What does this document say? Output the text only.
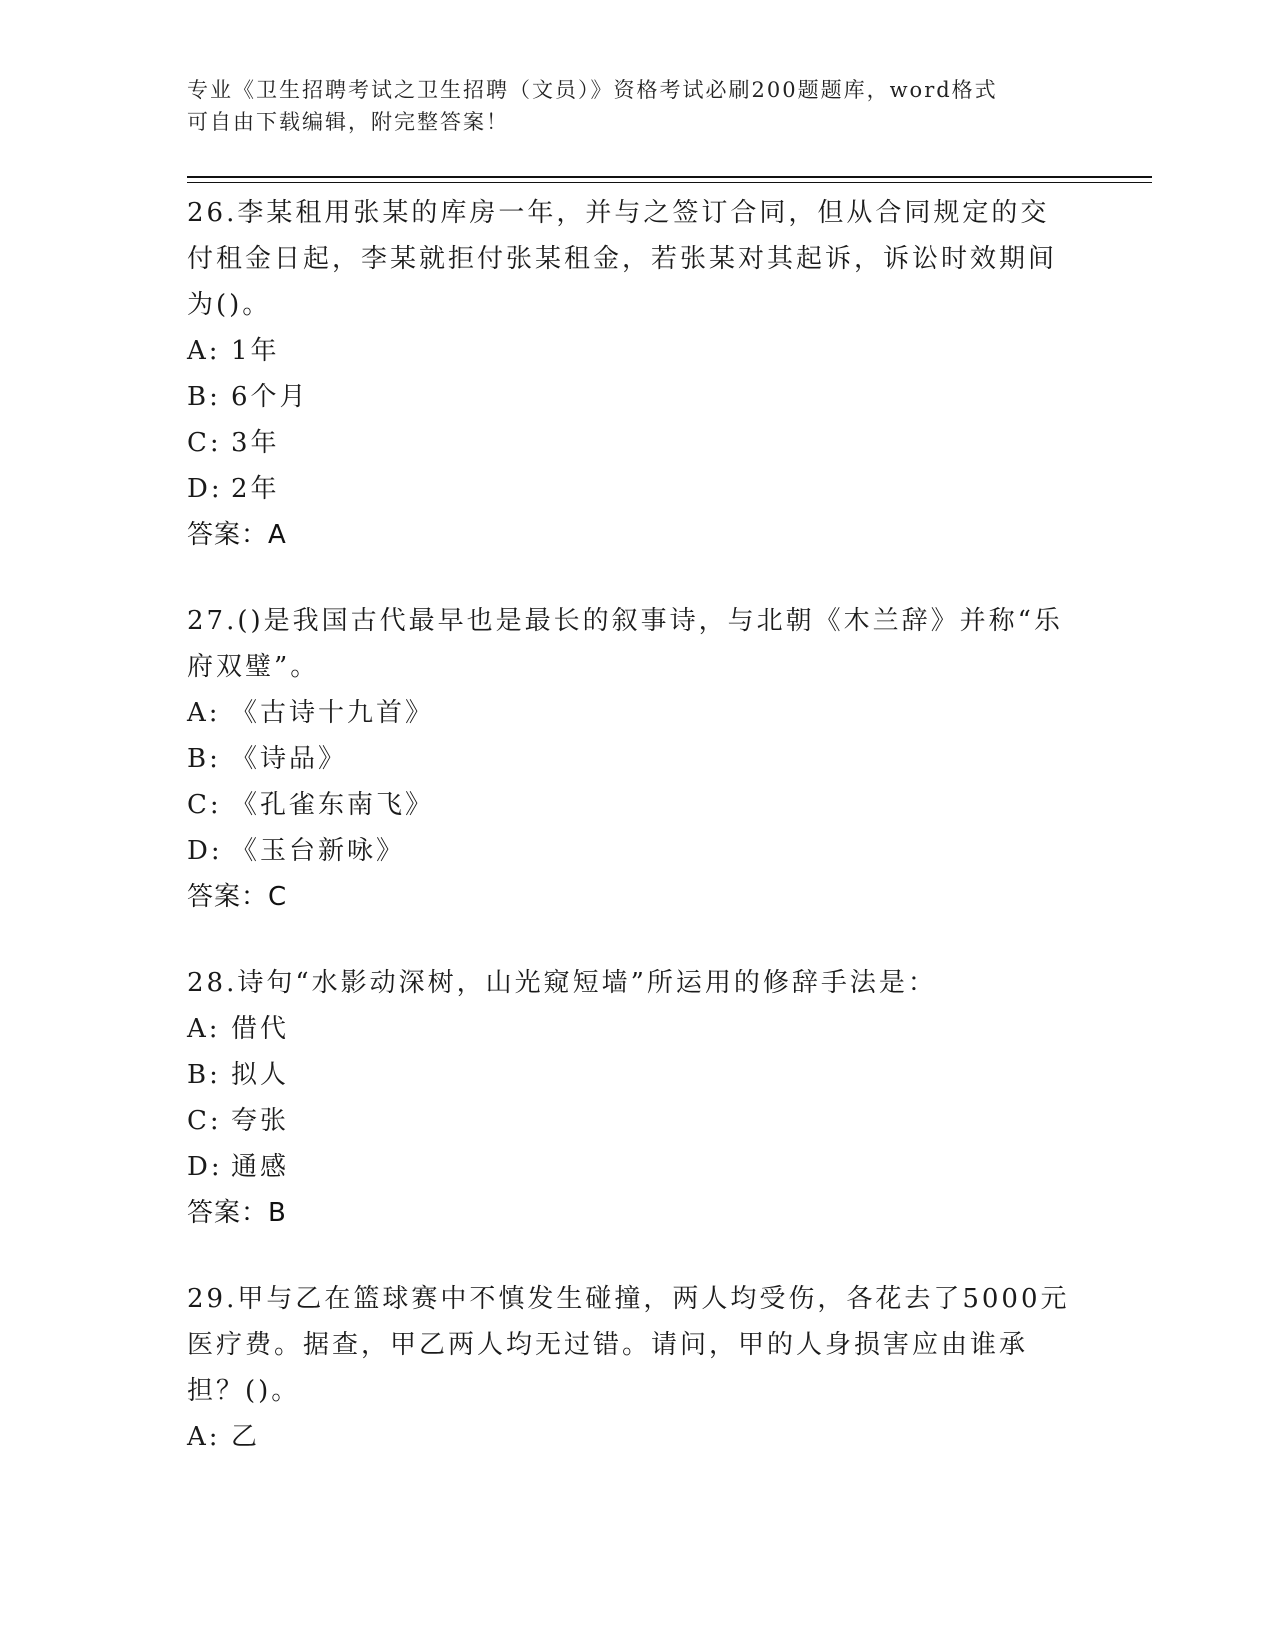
专业《卫生招聘考试之卫生招聘（文员）》资格考试必刷200题题库，word格式
可自由下载编辑，附完整答案！

26.李某租用张某的库房一年，并与之签订合同，但从合同规定的交付租金日起，李某就拒付张某租金，若张某对其起诉，诉讼时效期间为()。

A: 1年

B: 6个月

C: 3年

D: 2年

答案：A

27.()是我国古代最早也是最长的叙事诗，与北朝《木兰辞》并称“乐府双璧”。

A: 《古诗十九首》

B: 《诗品》

C: 《孔雀东南飞》

D: 《玉台新咏》

答案：C

28.诗句“水影动深树，山光窥短墙”所运用的修辞手法是：

A: 借代

B: 拟人

C: 夸张

D: 通感

答案：B

29.甲与乙在篮球赛中不慎发生碰撞，两人均受伤，各花去了5000元医疗费。据查，甲乙两人均无过错。请问，甲的人身损害应由谁承担？()。

A: 乙
